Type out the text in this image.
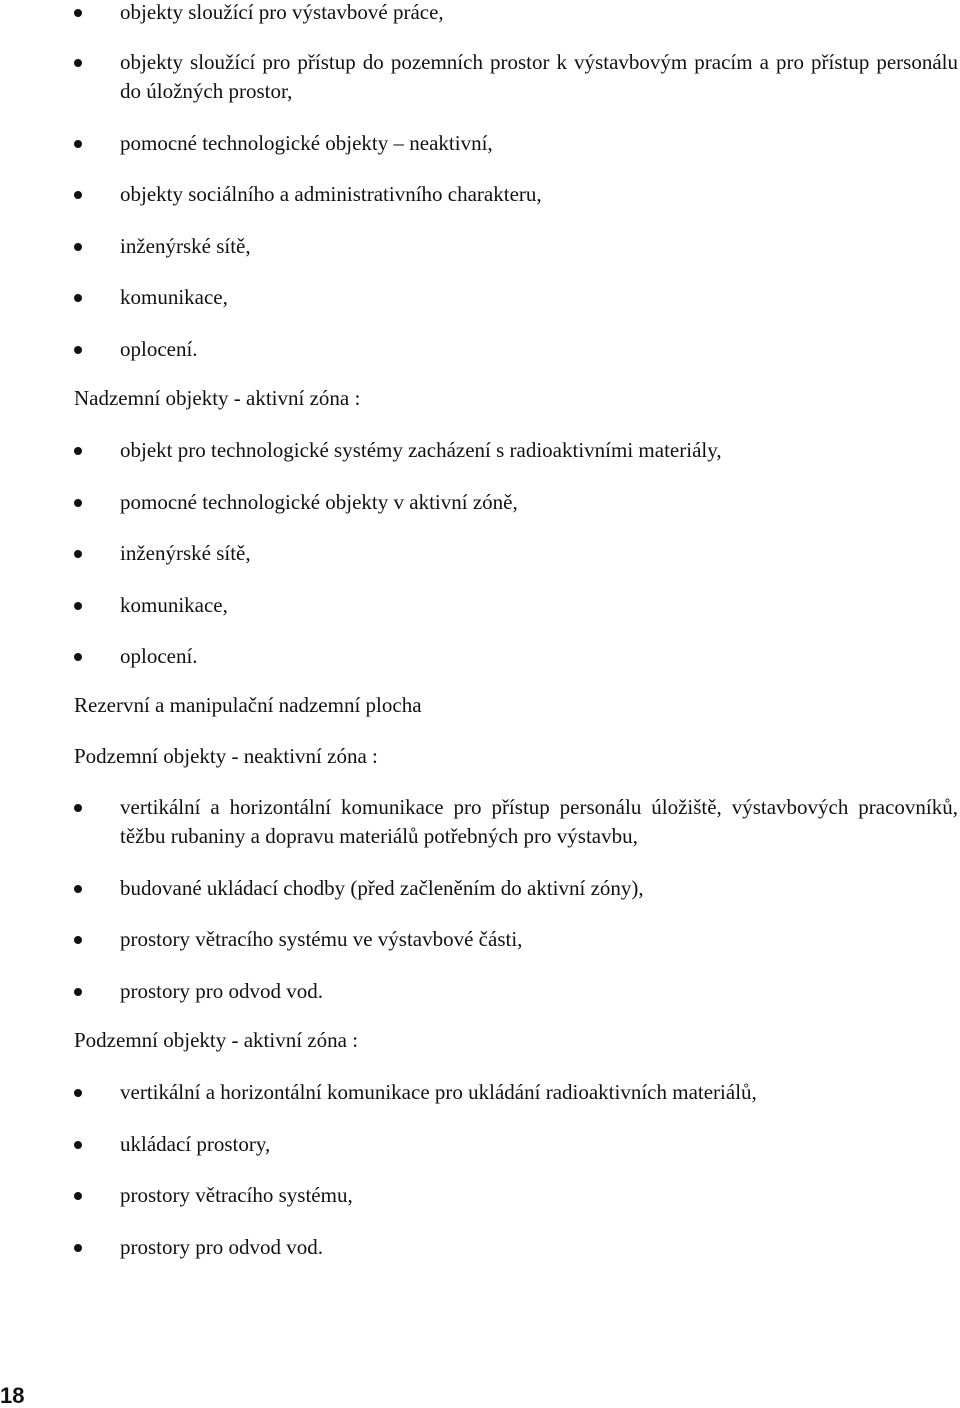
objekty sloužící pro výstavbové práce,
objekty sloužící pro přístup do pozemních prostor k výstavbovým pracím a pro přístup personálu do úložných prostor,
pomocné technologické objekty – neaktivní,
objekty sociálního a administrativního charakteru,
inženýrské sítě,
komunikace,
oplocení.
Nadzemní objekty - aktivní zóna :
objekt pro technologické systémy zacházení s radioaktivními materiály,
pomocné technologické objekty v aktivní zóně,
inženýrské sítě,
komunikace,
oplocení.
Rezervní a manipulační nadzemní plocha
Podzemní objekty - neaktivní zóna :
vertikální a horizontální komunikace pro přístup personálu úložiště, výstavbových pracovníků, těžbu rubaniny a dopravu materiálů potřebných pro výstavbu,
budované ukládací chodby (před začleněním do aktivní zóny),
prostory větracího systému ve výstavbové části,
prostory pro odvod vod.
Podzemní objekty - aktivní zóna :
vertikální a horizontální komunikace pro ukládání radioaktivních materiálů,
ukládací prostory,
prostory větracího systému,
prostory pro odvod vod.
18
